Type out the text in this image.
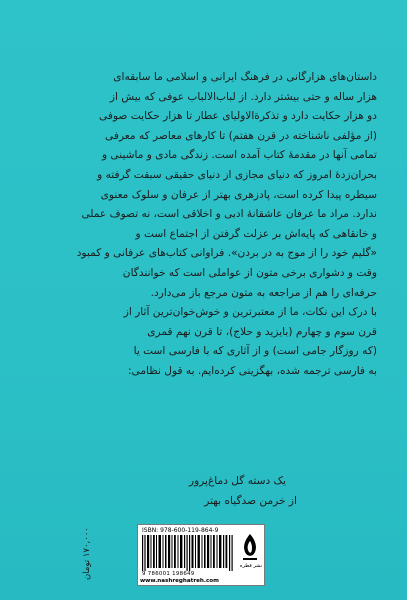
داستان‌های هزارگانی در فرهنگ ایرانی و اسلامی ما سابقه‌ای

هزار ساله و حتی بیشتر دارد. از لباب‌الالباب عوفی که بیش از

دو هزار حکایت دارد و تذکرةالاولیای عطار تا هزار حکایت صوفی

(از مؤلفی ناشناخته در قرن هفتم) تا کارهای معاصر که معرفی

تمامی آنها در مقدمهٔ کتاب آمده است. زندگی مادی و ماشینی و

بحران‌زدهٔ امروز که دنیای مجازی از دنیای حقیقی سبقت گرفته و

سیطره پیدا کرده است، پادزهری بهتر از عرفان و سلوک معنوی

ندارد. مراد ما عرفان عاشقانهٔ ادبی و اخلاقی است، نه تصوف عملی

و خانقاهی که پایه‌اش بر عزلت گرفتن از اجتماع است و

«گلیم خود را از موج به در بردن». فراوانی کتاب‌های عرفانی و کمبود

وقت و دشواری برخی متون از عواملی است که خوانندگان

حرفه‌ای را هم از مراجعه به متون مرجع باز می‌دارد.

با درک این نکات، ما از معتبرترین و خوش‌خوان‌ترین آثار از

قرن سوم و چهارم (بایزید و حلاج)، تا قرن نهم قمری

(که روزگار جامی است) و از آثاری که با فارسی است یا

به فارسی ترجمه شده، بهگزینی کرده‌ایم. به قول نظامی:

یک دسته گل دماغ‌پرور
از خرمن صدگیاه بهتر
۱۷۰,۰۰۰ تومان	ISBN: 978-600-119-864-9
9 786001 198649
www.nashreghatreh.com
نشر قطره
